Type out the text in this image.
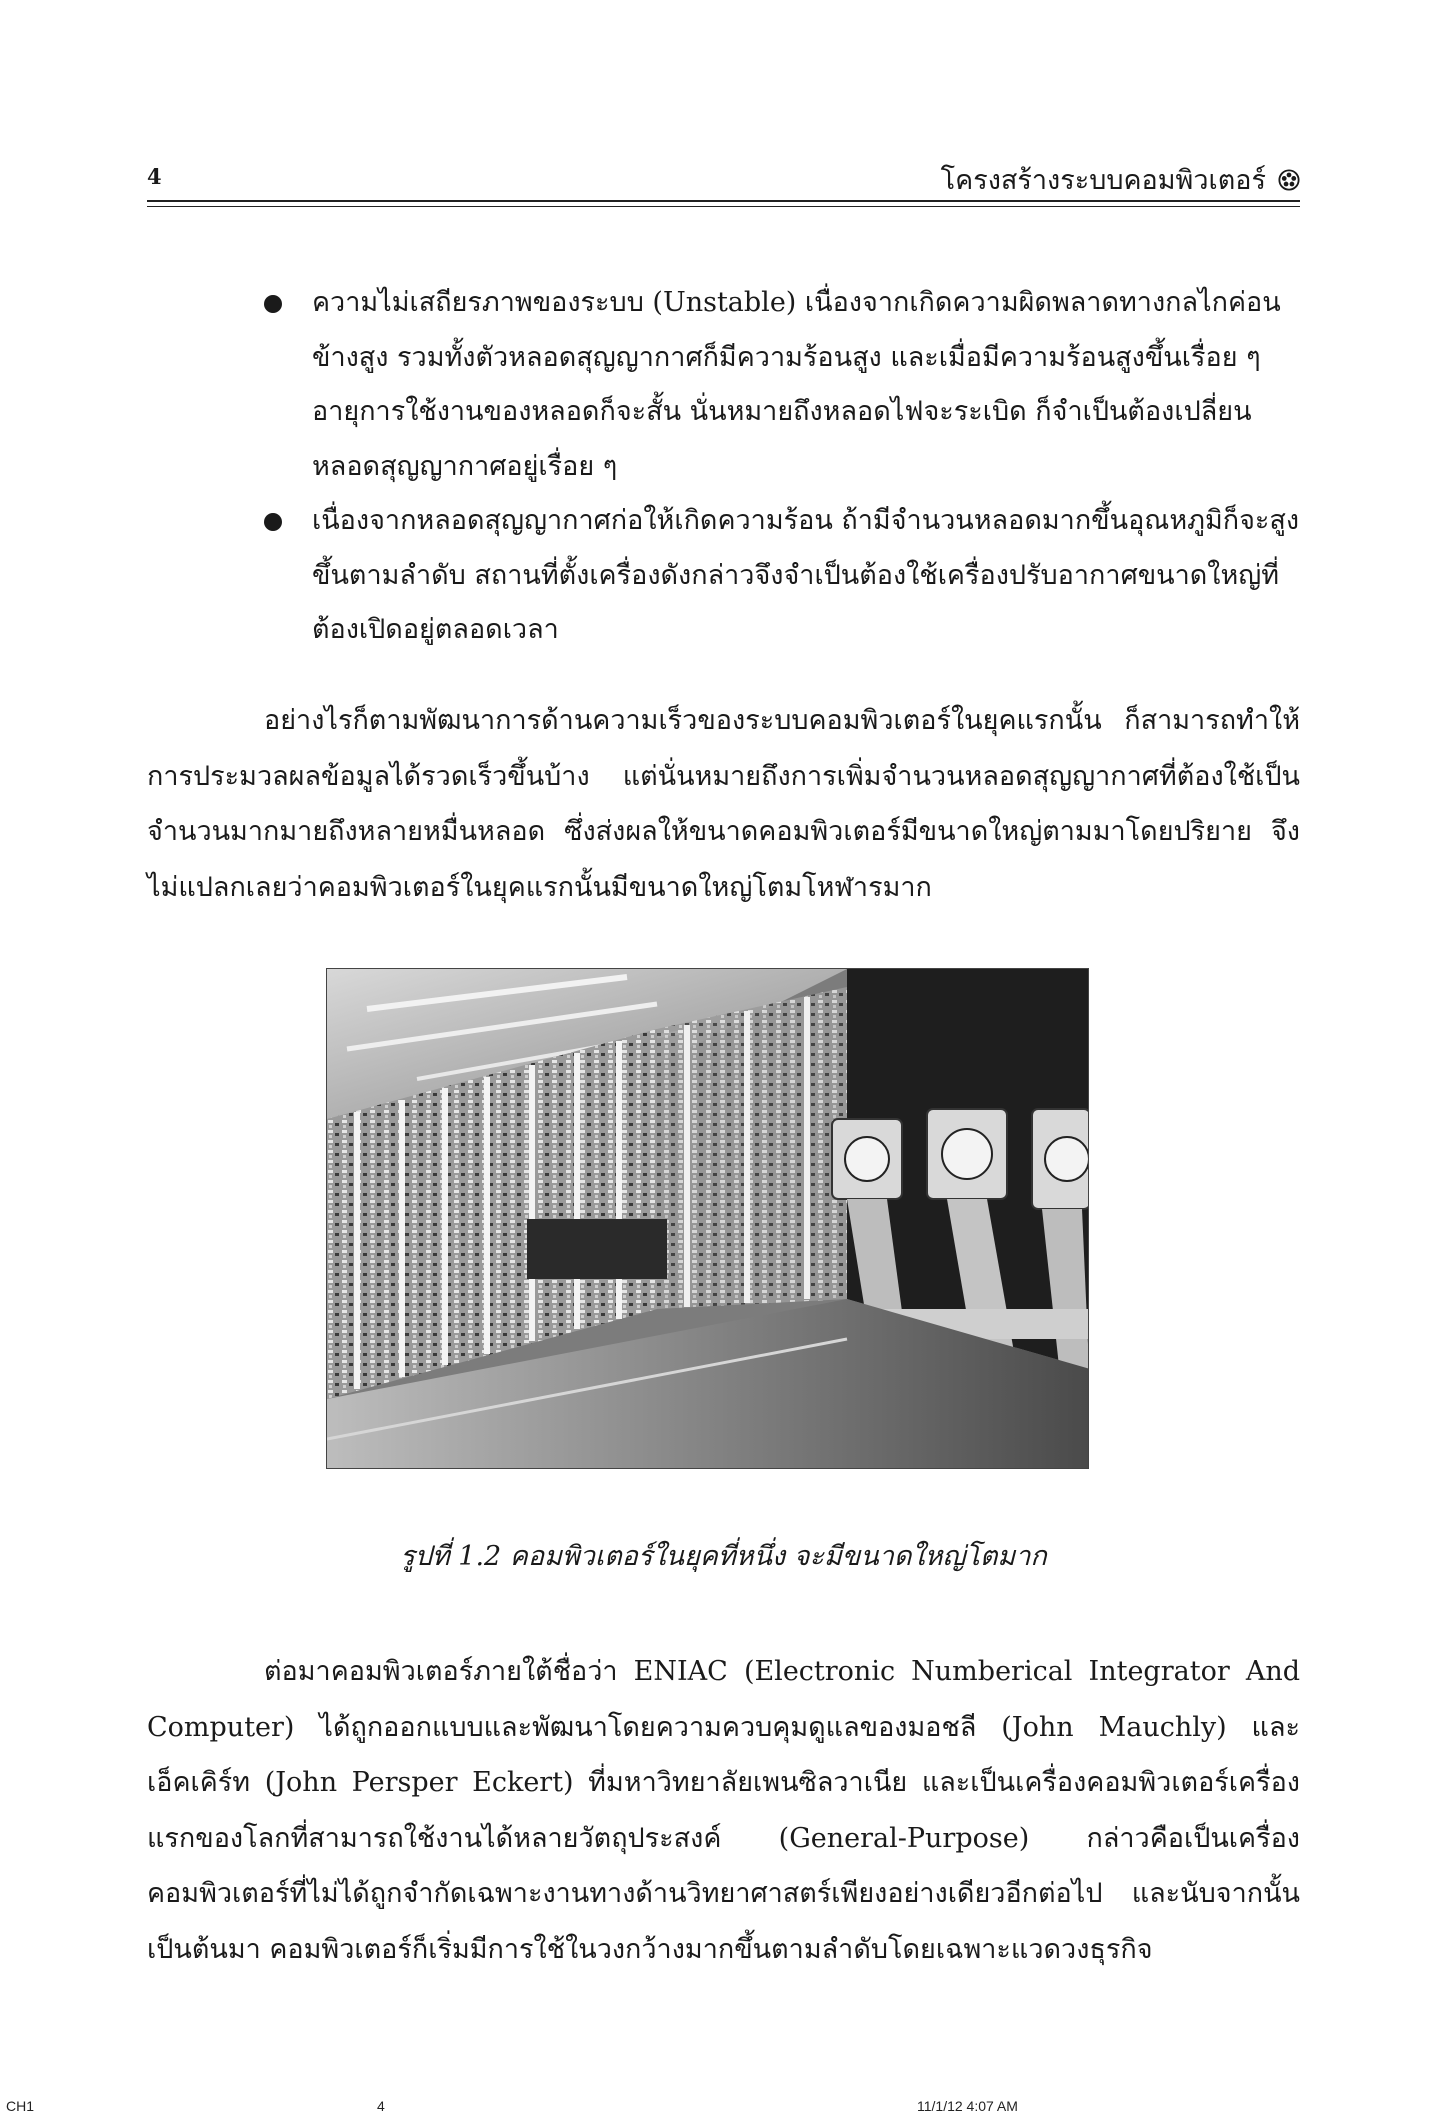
4	โครงสร้างระบบคอมพิวเตอร์
ความไม่เสถียรภาพของระบบ (Unstable) เนื่องจากเกิดความผิดพลาดทางกลไกค่อนข้างสูง รวมทั้งตัวหลอดสุญญากาศก็มีความร้อนสูง และเมื่อมีความร้อนสูงขึ้นเรื่อย ๆ อายุการใช้งานของหลอดก็จะสั้น นั่นหมายถึงหลอดไฟจะระเบิด ก็จำเป็นต้องเปลี่ยนหลอดสุญญากาศอยู่เรื่อย ๆ
เนื่องจากหลอดสุญญากาศก่อให้เกิดความร้อน ถ้ามีจำนวนหลอดมากขึ้นอุณหภูมิก็จะสูงขึ้นตามลำดับ สถานที่ตั้งเครื่องดังกล่าวจึงจำเป็นต้องใช้เครื่องปรับอากาศขนาดใหญ่ที่ต้องเปิดอยู่ตลอดเวลา

อย่างไรก็ตามพัฒนาการด้านความเร็วของระบบคอมพิวเตอร์ในยุคแรกนั้น ก็สามารถทำให้การประมวลผลข้อมูลได้รวดเร็วขึ้นบ้าง แต่นั่นหมายถึงการเพิ่มจำนวนหลอดสุญญากาศที่ต้องใช้เป็นจำนวนมากมายถึงหลายหมื่นหลอด ซึ่งส่งผลให้ขนาดคอมพิวเตอร์มีขนาดใหญ่ตามมาโดยปริยาย จึงไม่แปลกเลยว่าคอมพิวเตอร์ในยุคแรกนั้นมีขนาดใหญ่โตมโหฬารมาก

รูปที่ 1.2 คอมพิวเตอร์ในยุคที่หนึ่ง จะมีขนาดใหญ่โตมาก

ต่อมาคอมพิวเตอร์ภายใต้ชื่อว่า ENIAC (Electronic Numberical Integrator And Computer) ได้ถูกออกแบบและพัฒนาโดยความควบคุมดูแลของมอชลี (John Mauchly) และเอ็คเคิร์ท (John Persper Eckert) ที่มหาวิทยาลัยเพนซิลวาเนีย และเป็นเครื่องคอมพิวเตอร์เครื่องแรกของโลกที่สามารถใช้งานได้หลายวัตถุประสงค์ (General-Purpose) กล่าวคือเป็นเครื่องคอมพิวเตอร์ที่ไม่ได้ถูกจำกัดเฉพาะงานทางด้านวิทยาศาสตร์เพียงอย่างเดียวอีกต่อไป และนับจากนั้นเป็นต้นมา คอมพิวเตอร์ก็เริ่มมีการใช้ในวงกว้างมากขึ้นตามลำดับโดยเฉพาะแวดวงธุรกิจ

CH1	4	11/1/12 4:07 AM
